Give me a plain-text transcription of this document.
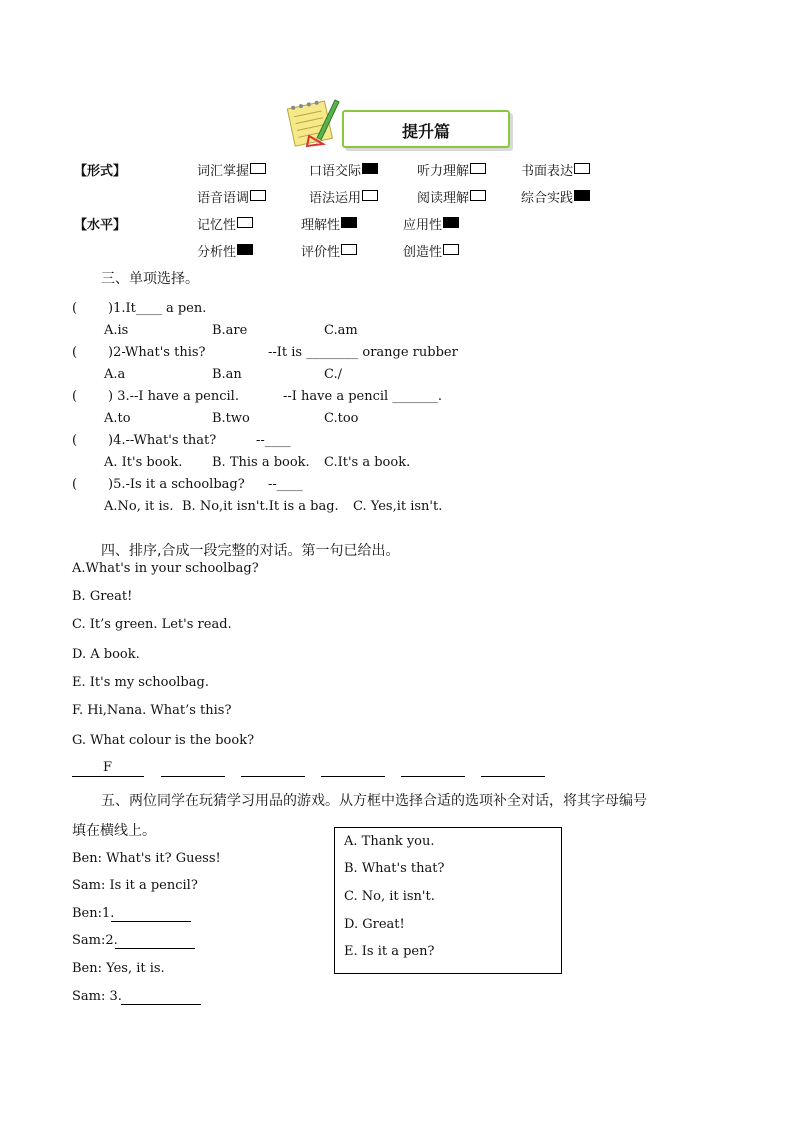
提升篇
【形式】	词汇掌握	口语交际	听力理解	书面表达
语音语调	语法运用	阅读理解	综合实践
【水平】	记忆性	理解性	应用性
分析性	评价性	创造性
三、单项选择。
( )1.It____ a pen.
A.is	B.are	C.am
( )2-What's this?	--It is ________ orange rubber
A.a	B.an	C./
( ) 3.--I have a pencil.	--I have a pencil _______.
A.to	B.two	C.too
( )4.--What's that?	--____
A. It's book. B. This a book. C.It's a book.
( )5.-Is it a schoolbag? --____
A.No, it is. B. No,it isn't.It is a bag. C. Yes,it isn't.
四、排序,合成一段完整的对话。第一句已给出。
A.What's in your schoolbag?
B. Great!
C. It’s green. Let's read.
D. A book.
E. It's my schoolbag.
F. Hi,Nana. What’s this?
G. What colour is the book?
F
五、两位同学在玩猜学习用品的游戏。从方框中选择合适的选项补全对话，将其字母编号
填在横线上。
Ben: What's it? Guess!
Sam: Is it a pencil?
Ben:1.
Sam:2.
Ben: Yes, it is.
Sam: 3.
A. Thank you.
B. What's that?
C. No, it isn't.
D. Great!
E. Is it a pen?
